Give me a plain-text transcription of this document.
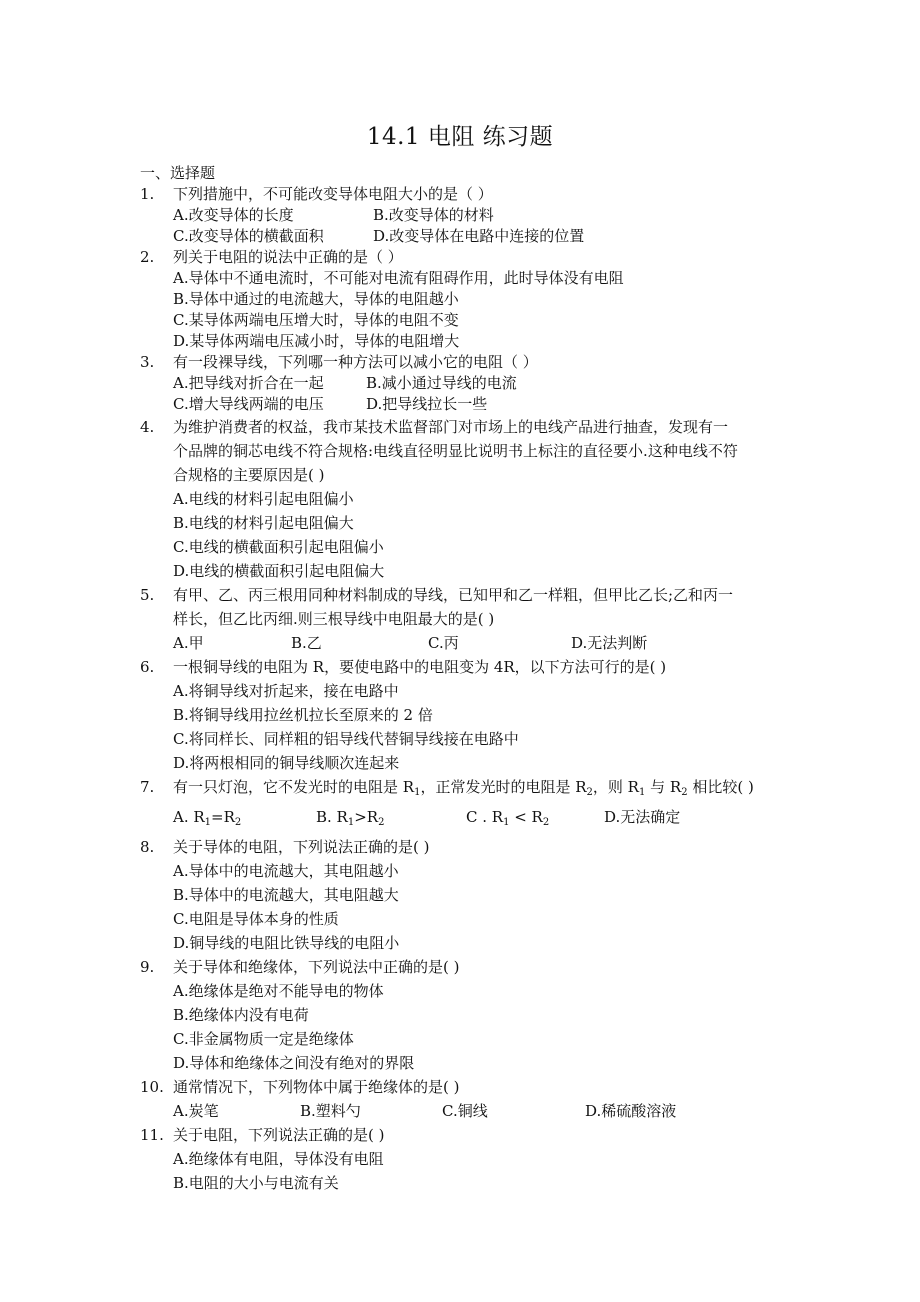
14.1 电阻 练习题
一、选择题
1.	下列措施中，不可能改变导体电阻大小的是（ ）
A.改变导体的长度	B.改变导体的材料
C.改变导体的横截面积	D.改变导体在电路中连接的位置
2.	列关于电阻的说法中正确的是（ ）
A.导体中不通电流时，不可能对电流有阻碍作用，此时导体没有电阻
B.导体中通过的电流越大，导体的电阻越小
C.某导体两端电压增大时，导体的电阻不变
D.某导体两端电压减小时，导体的电阻增大
3.	有一段裸导线，下列哪一种方法可以减小它的电阻（ ）
A.把导线对折合在一起	B.减小通过导线的电流
C.增大导线两端的电压	D.把导线拉长一些
4.	为维护消费者的权益，我市某技术监督部门对市场上的电线产品进行抽查，发现有一
个品牌的铜芯电线不符合规格:电线直径明显比说明书上标注的直径要小.这种电线不符
合规格的主要原因是( )
A.电线的材料引起电阻偏小
B.电线的材料引起电阻偏大
C.电线的横截面积引起电阻偏小
D.电线的横截面积引起电阻偏大
5.	有甲、乙、丙三根用同种材料制成的导线，已知甲和乙一样粗，但甲比乙长;乙和丙一
样长，但乙比丙细.则三根导线中电阻最大的是( )
A.甲	B.乙	C.丙	D.无法判断
6.	一根铜导线的电阻为 R，要使电路中的电阻变为 4R，以下方法可行的是( )
A.将铜导线对折起来，接在电路中
B.将铜导线用拉丝机拉长至原来的 2 倍
C.将同样长、同样粗的铝导线代替铜导线接在电路中
D.将两根相同的铜导线顺次连起来
7.	有一只灯泡，它不发光时的电阻是 $R_1$，正常发光时的电阻是 $R_2$，则 $R_1$ 与 $R_2$ 相比较( )
A. $R_1=R_2$	B. $R_1>R_2$	C . $R_1 < R_2$	D.无法确定
8.	关于导体的电阻，下列说法正确的是( )
A.导体中的电流越大，其电阻越小
B.导体中的电流越大，其电阻越大
C.电阻是导体本身的性质
D.铜导线的电阻比铁导线的电阻小
9.	关于导体和绝缘体，下列说法中正确的是( )
A.绝缘体是绝对不能导电的物体
B.绝缘体内没有电荷
C.非金属物质一定是绝缘体
D.导体和绝缘体之间没有绝对的界限
10. 通常情况下，下列物体中属于绝缘体的是( )
A.炭笔	B.塑料勺	C.铜线	D.稀硫酸溶液
11. 关于电阻，下列说法正确的是( )
A.绝缘体有电阻，导体没有电阻
B.电阻的大小与电流有关
